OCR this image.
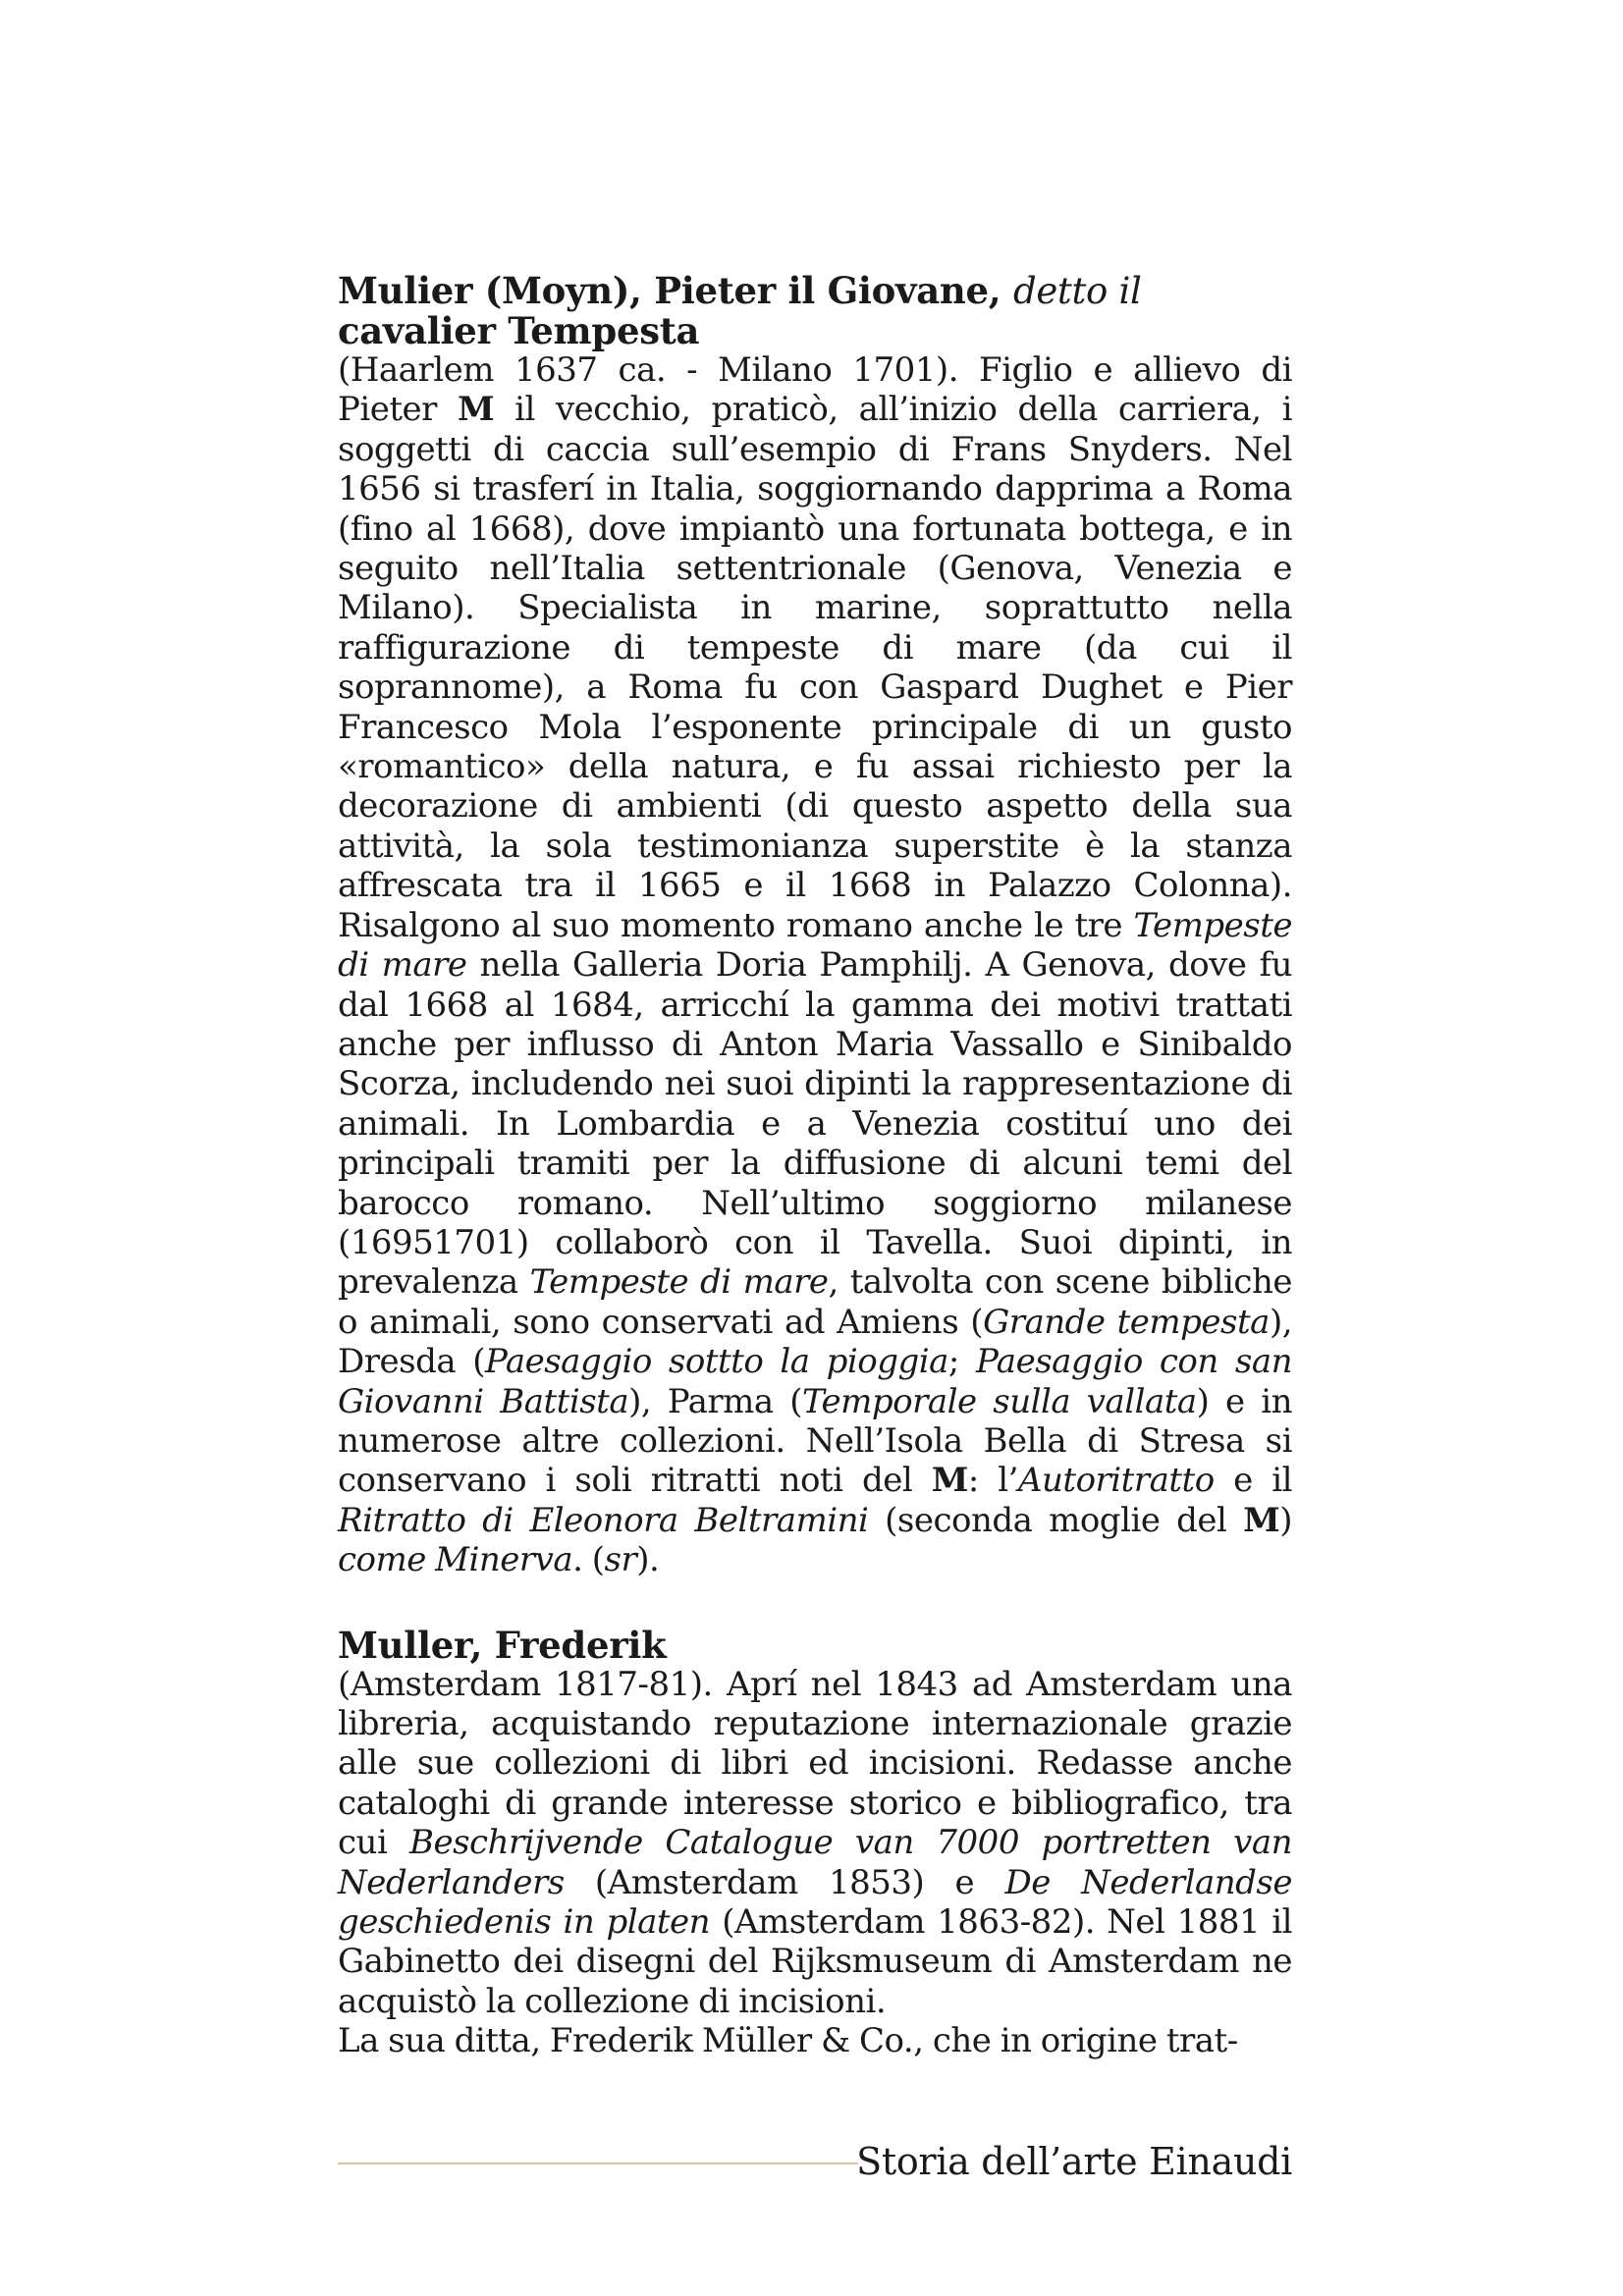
Mulier (Moyn), Pieter il Giovane, detto il cavalier Tempesta

(Haarlem 1637 ca. - Milano 1701). Figlio e allievo di Pieter M il vecchio, praticò, all’inizio della carriera, i soggetti di caccia sull’esempio di Frans Snyders. Nel 1656 si trasferí in Italia, soggiornando dapprima a Roma (fino al 1668), dove impiantò una fortunata bottega, e in seguito nell’Italia settentrionale (Genova, Venezia e Milano). Specialista in marine, soprattutto nella raffigurazione di tempeste di mare (da cui il soprannome), a Roma fu con Gaspard Dughet e Pier Francesco Mola l’esponente principale di un gusto «romantico» della natura, e fu assai richiesto per la decorazione di ambienti (di questo aspetto della sua attività, la sola testimonianza superstite è la stanza affrescata tra il 1665 e il 1668 in Palazzo Colonna). Risalgono al suo momento romano anche le tre Tempeste di mare nella Galleria Doria Pamphilj. A Genova, dove fu dal 1668 al 1684, arricchí la gamma dei motivi trattati anche per influsso di Anton Maria Vassallo e Sinibaldo Scorza, includendo nei suoi dipinti la rappresentazione di animali. In Lombardia e a Venezia costituí uno dei principali tramiti per la diffusione di alcuni temi del barocco romano. Nell’ultimo soggiorno milanese (16951701) collaborò con il Tavella. Suoi dipinti, in prevalenza Tempeste di mare, talvolta con scene bibliche o animali, sono conservati ad Amiens (Grande tempesta), Dresda (Paesaggio sottto la pioggia; Paesaggio con san Giovanni Battista), Parma (Temporale sulla vallata) e in numerose altre collezioni. Nell’Isola Bella di Stresa si conservano i soli ritratti noti del M: l’Autoritratto e il Ritratto di Eleonora Beltramini (seconda moglie del M) come Minerva. (sr).

Muller, Frederik

(Amsterdam 1817-81). Aprí nel 1843 ad Amsterdam una libreria, acquistando reputazione internazionale grazie alle sue collezioni di libri ed incisioni. Redasse anche cataloghi di grande interesse storico e bibliografico, tra cui Beschrijvende Catalogue van 7000 portretten van Nederlanders (Amsterdam 1853) e De Nederlandse geschiedenis in platen (Amsterdam 1863-82). Nel 1881 il Gabinetto dei disegni del Rijksmuseum di Amsterdam ne acquistò la collezione di incisioni.

La sua ditta, Frederik Müller & Co., che in origine trat-

Storia dell’arte Einaudi
